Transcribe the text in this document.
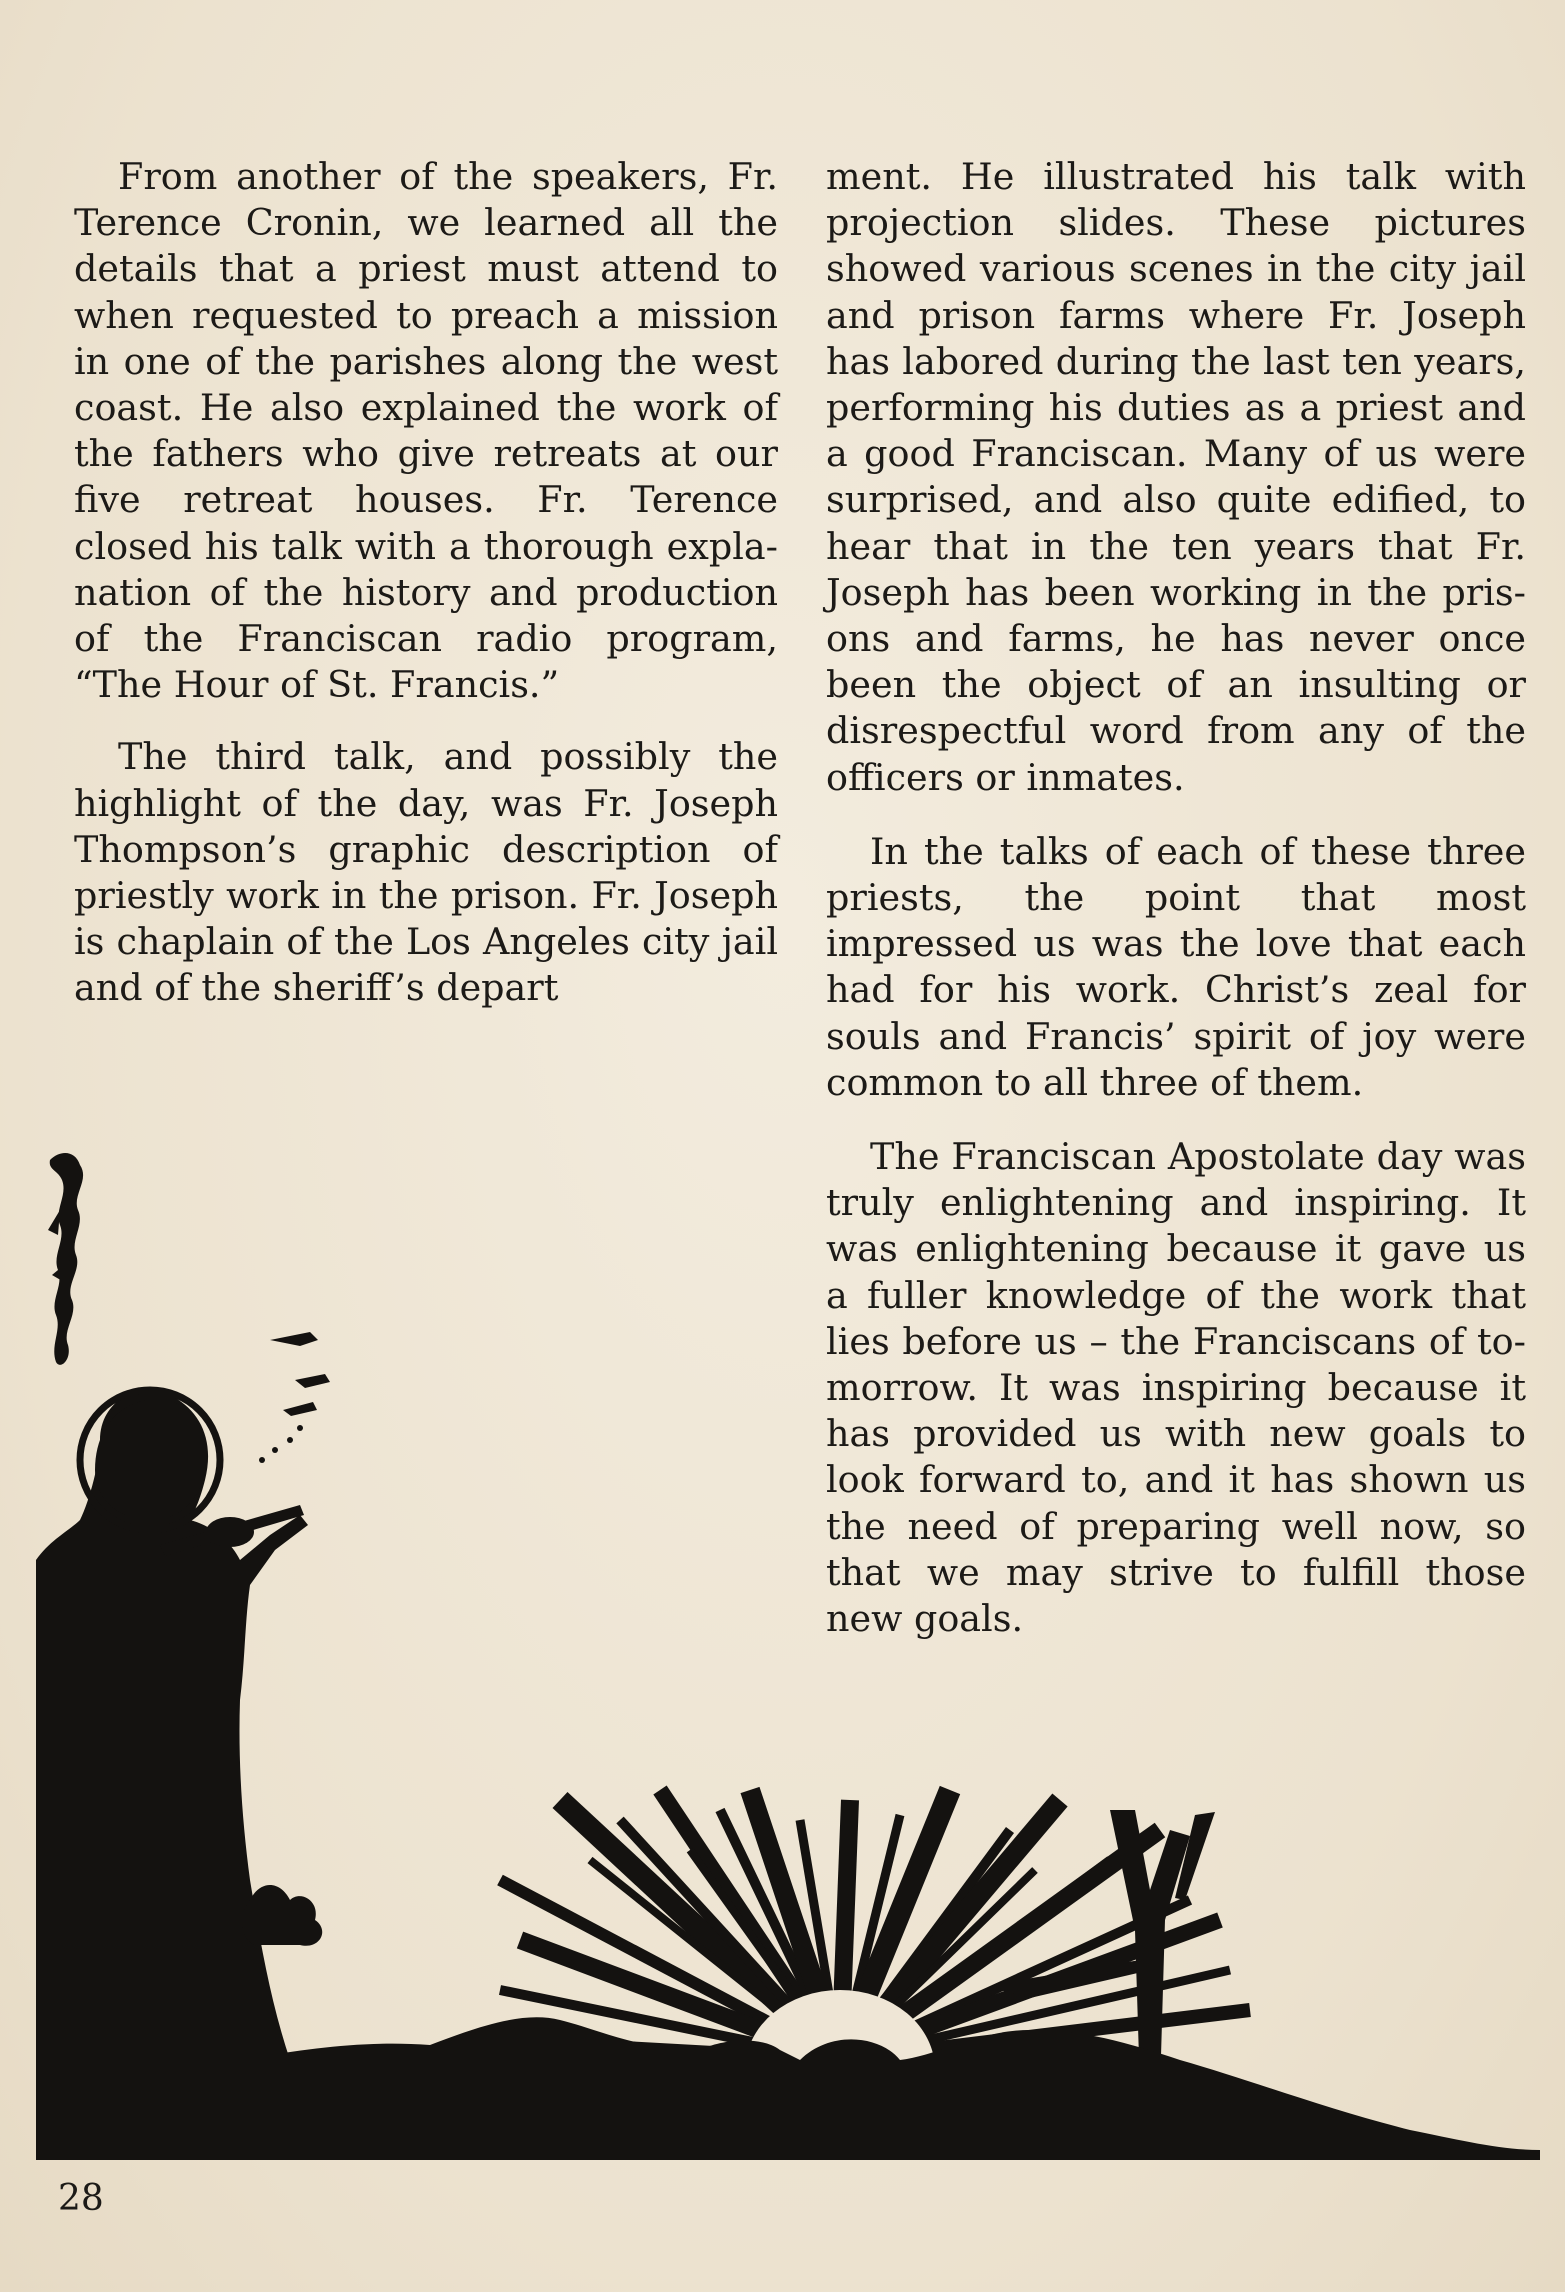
From another of the speakers, Fr. Terence Cronin, we learned all the details that a priest must attend to when requested to preach a mission in one of the parishes along the west coast. He also explained the work of the fathers who give retreats at our five retreat houses. Fr. Terence closed his talk with a thorough explanation of the history and production of the Franciscan radio program, “The Hour of St. Francis.”

The third talk, and possibly the highlight of the day, was Fr. Joseph Thompson’s graphic description of priestly work in the prison. Fr. Joseph is chaplain of the Los Angeles city jail and of the sheriff’s depart

ment. He illustrated his talk with projection slides. These pictures showed various scenes in the city jail and prison farms where Fr. Joseph has labored during the last ten years, performing his duties as a priest and a good Franciscan. Many of us were surprised, and also quite edified, to hear that in the ten years that Fr. Joseph has been working in the prisons and farms, he has never once been the object of an insulting or disrespectful word from any of the officers or inmates.

In the talks of each of these three priests, the point that most impressed us was the love that each had for his work. Christ’s zeal for souls and Francis’ spirit of joy were common to all three of them.

The Franciscan Apostolate day was truly enlightening and inspiring. It was enlightening because it gave us a fuller knowledge of the work that lies before us – the Franciscans of tomorrow. It was inspiring because it has provided us with new goals to look forward to, and it has shown us the need of preparing well now, so that we may strive to fulfill those new goals.

28
